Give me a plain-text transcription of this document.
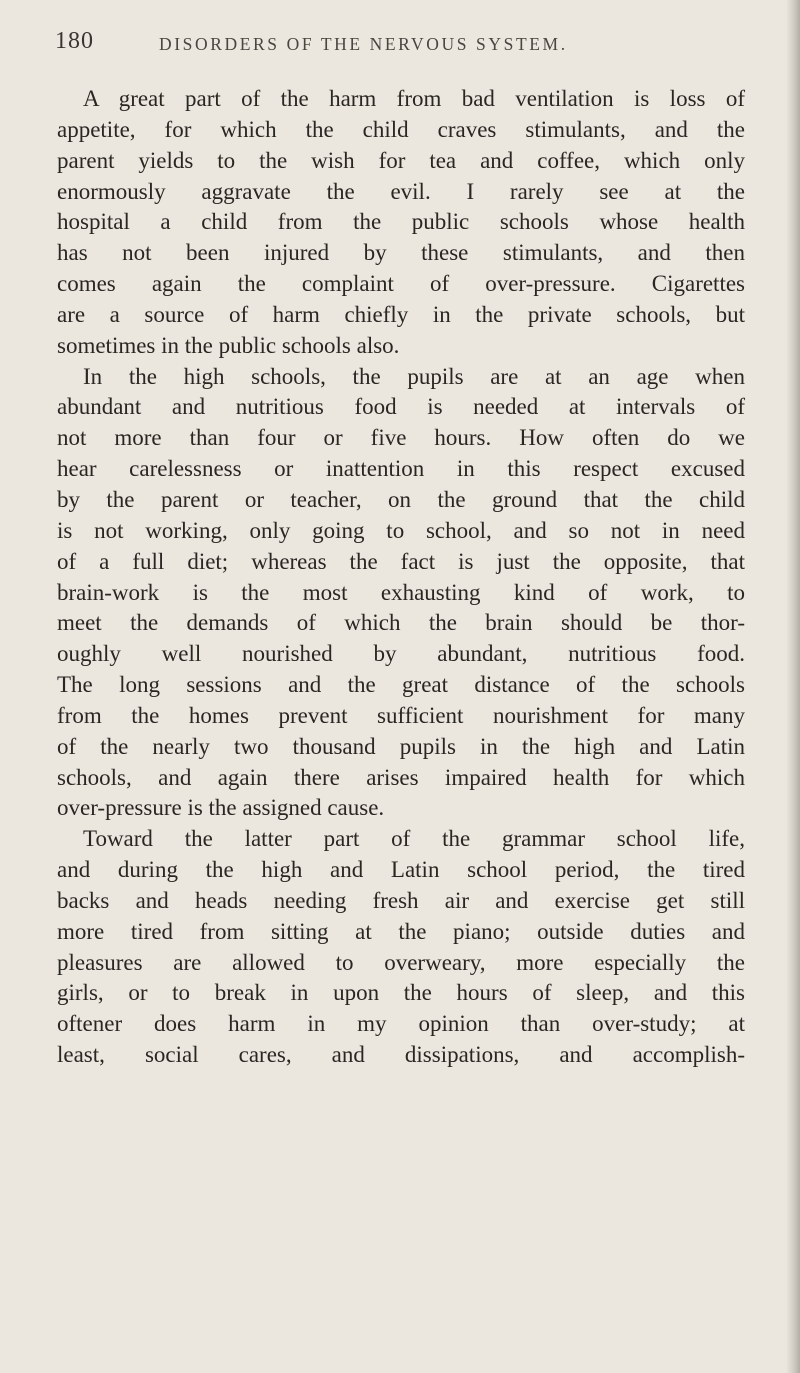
180	DISORDERS OF THE NERVOUS SYSTEM.
A great part of the harm from bad ventilation is loss of
appetite, for which the child craves stimulants, and the
parent yields to the wish for tea and coffee, which only
enormously aggravate the evil. I rarely see at the
hospital a child from the public schools whose health
has not been injured by these stimulants, and then
comes again the complaint of over-pressure. Cigarettes
are a source of harm chiefly in the private schools, but
sometimes in the public schools also.
In the high schools, the pupils are at an age when
abundant and nutritious food is needed at intervals of
not more than four or five hours. How often do we
hear carelessness or inattention in this respect excused
by the parent or teacher, on the ground that the child
is not working, only going to school, and so not in need
of a full diet; whereas the fact is just the opposite, that
brain-work is the most exhausting kind of work, to
meet the demands of which the brain should be thor-
oughly well nourished by abundant, nutritious food.
The long sessions and the great distance of the schools
from the homes prevent sufficient nourishment for many
of the nearly two thousand pupils in the high and Latin
schools, and again there arises impaired health for which
over-pressure is the assigned cause.
Toward the latter part of the grammar school life,
and during the high and Latin school period, the tired
backs and heads needing fresh air and exercise get still
more tired from sitting at the piano; outside duties and
pleasures are allowed to overweary, more especially the
girls, or to break in upon the hours of sleep, and this
oftener does harm in my opinion than over-study; at
least, social cares, and dissipations, and accomplish-
